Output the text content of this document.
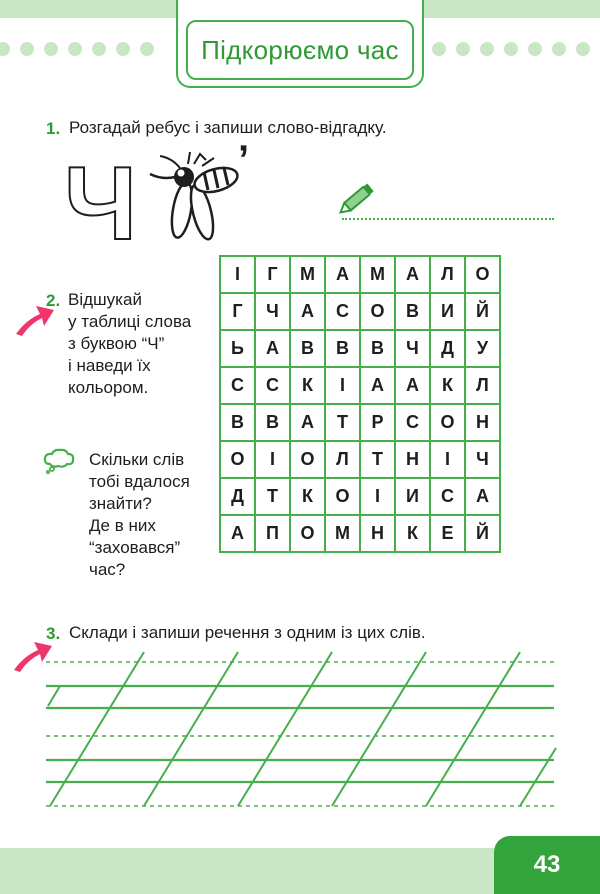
Підкорюємо час
1. Розгадай ребус і запиши слово-відгадку.
Ч	’
2. Відшукай
у таблиці слова
з буквою “Ч”
і наведи їх
кольором.
Скільки слів
тобі вдалося
знайти?
Де в них
“заховався”
час?
І	Г	М	А	М	А	Л	О
Г	Ч	А	С	О	В	И	Й
Ь	А	В	В	В	Ч	Д	У
С	С	К	І	А	А	К	Л
В	В	А	Т	Р	С	О	Н
О	І	О	Л	Т	Н	І	Ч
Д	Т	К	О	І	И	С	А
А	П	О	М	Н	К	Е	Й
3. Склади і запиши речення з одним із цих слів.
43
